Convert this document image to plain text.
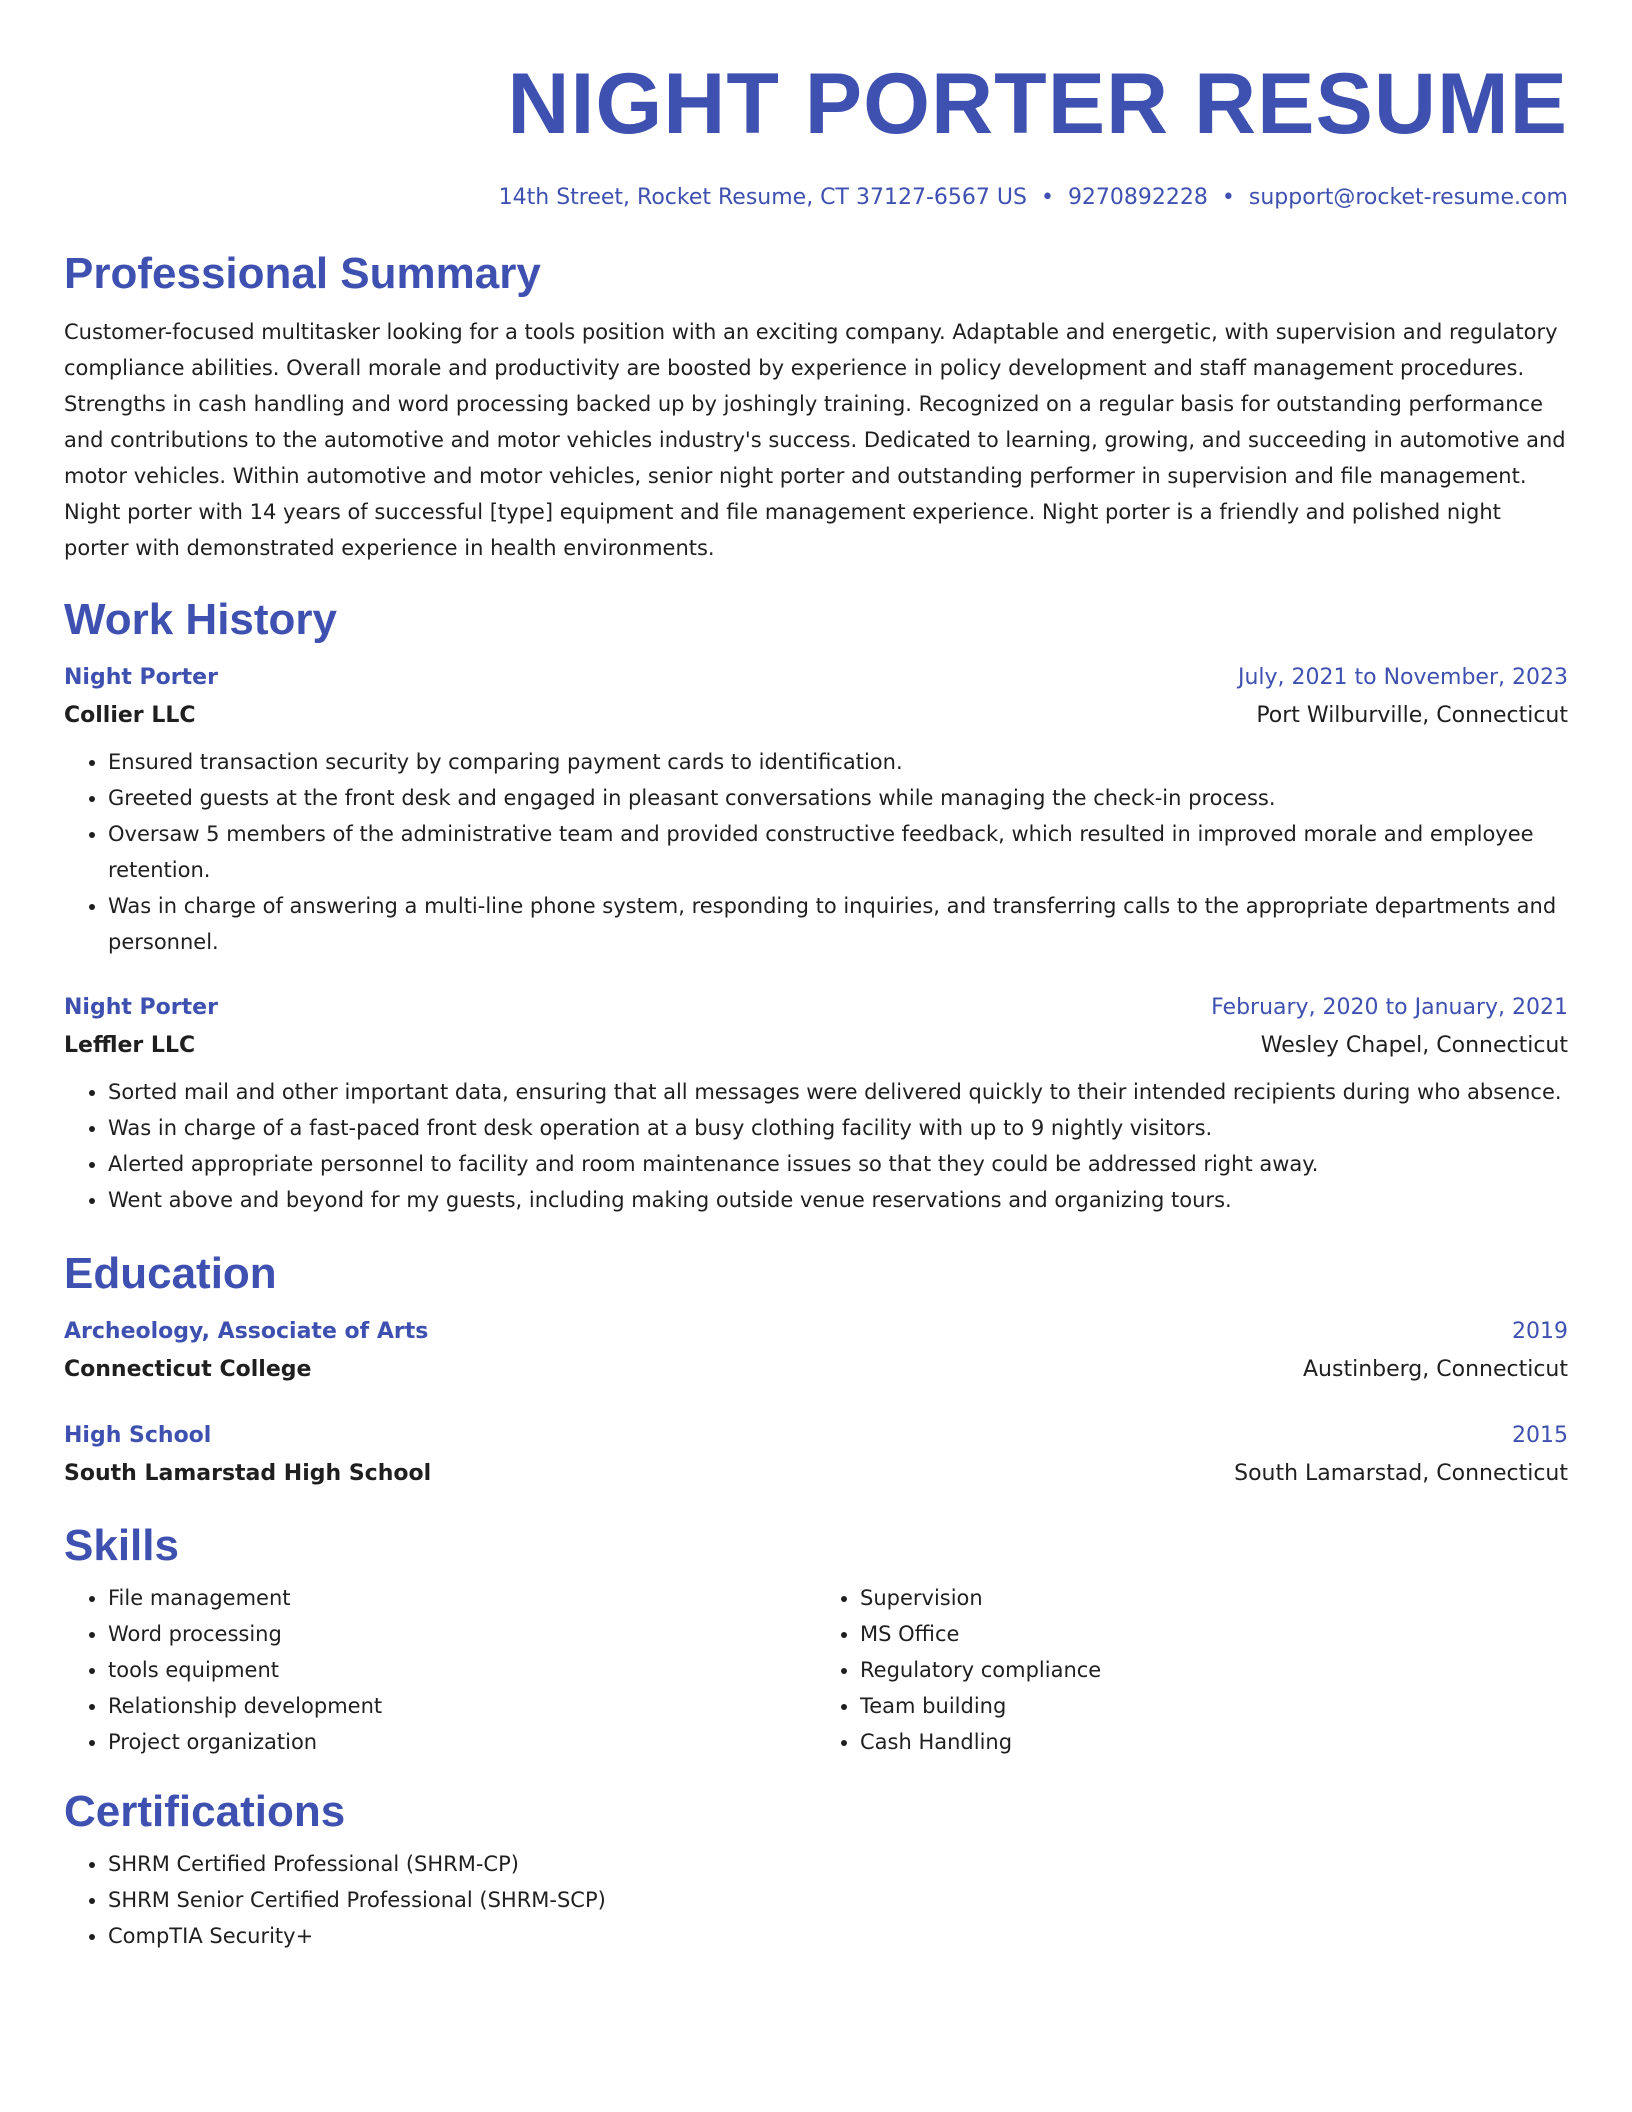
NIGHT PORTER RESUME
14th Street, Rocket Resume, CT 37127-6567 US • 9270892228 • support@rocket-resume.com
Professional Summary
Customer-focused multitasker looking for a tools position with an exciting company. Adaptable and energetic, with supervision and regulatory compliance abilities. Overall morale and productivity are boosted by experience in policy development and staff management procedures. Strengths in cash handling and word processing backed up by joshingly training. Recognized on a regular basis for outstanding performance and contributions to the automotive and motor vehicles industry's success. Dedicated to learning, growing, and succeeding in automotive and motor vehicles. Within automotive and motor vehicles, senior night porter and outstanding performer in supervision and file management. Night porter with 14 years of successful [type] equipment and file management experience. Night porter is a friendly and polished night porter with demonstrated experience in health environments.
Work History
Night Porter	July, 2021 to November, 2023
Collier LLC	Port Wilburville, Connecticut
• Ensured transaction security by comparing payment cards to identification.
• Greeted guests at the front desk and engaged in pleasant conversations while managing the check-in process.
• Oversaw 5 members of the administrative team and provided constructive feedback, which resulted in improved morale and employee retention.
• Was in charge of answering a multi-line phone system, responding to inquiries, and transferring calls to the appropriate departments and personnel.
Night Porter	February, 2020 to January, 2021
Leffler LLC	Wesley Chapel, Connecticut
• Sorted mail and other important data, ensuring that all messages were delivered quickly to their intended recipients during who absence.
• Was in charge of a fast-paced front desk operation at a busy clothing facility with up to 9 nightly visitors.
• Alerted appropriate personnel to facility and room maintenance issues so that they could be addressed right away.
• Went above and beyond for my guests, including making outside venue reservations and organizing tours.
Education
Archeology, Associate of Arts	2019
Connecticut College	Austinberg, Connecticut
High School	2015
South Lamarstad High School	South Lamarstad, Connecticut
Skills
• File management
• Word processing
• tools equipment
• Relationship development
• Project organization
• Supervision
• MS Office
• Regulatory compliance
• Team building
• Cash Handling
Certifications
• SHRM Certified Professional (SHRM-CP)
• SHRM Senior Certified Professional (SHRM-SCP)
• CompTIA Security+
